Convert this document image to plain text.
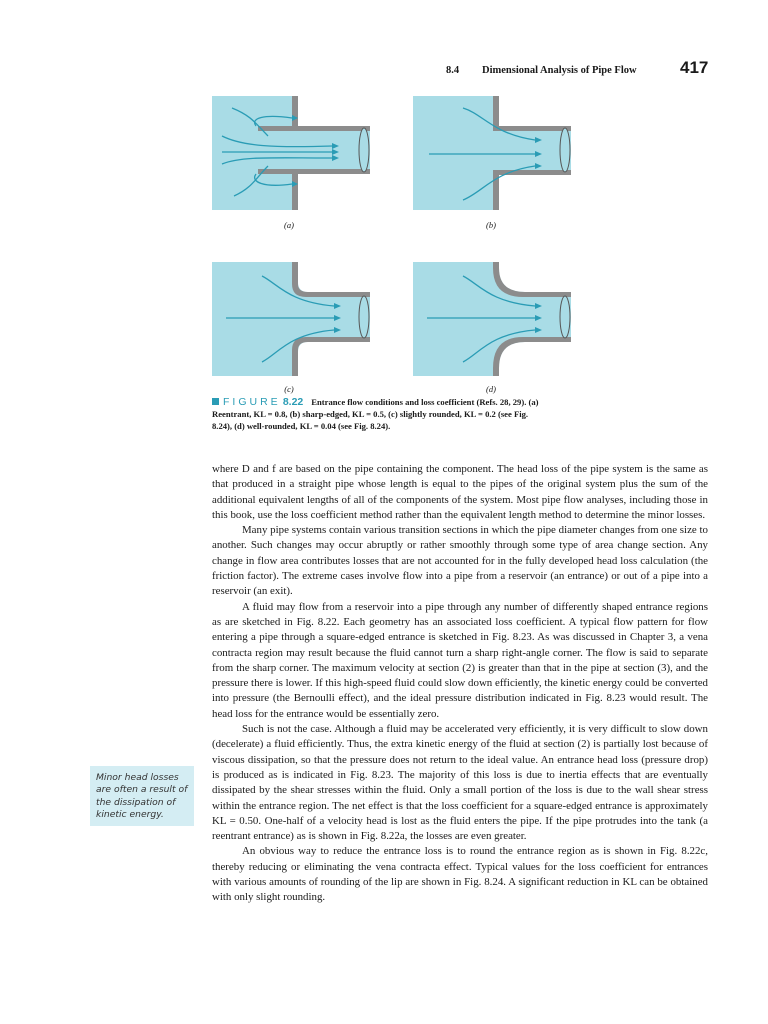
8.4 Dimensional Analysis of Pipe Flow	417
(a)	(b)
(c)	(d)
FIGURE 8.22 Entrance flow conditions and loss coefficient (Refs. 28, 29). (a) Reentrant, KL = 0.8, (b) sharp-edged, KL = 0.5, (c) slightly rounded, KL = 0.2 (see Fig. 8.24), (d) well-rounded, KL = 0.04 (see Fig. 8.24).

where D and f are based on the pipe containing the component. The head loss of the pipe system is the same as that produced in a straight pipe whose length is equal to the pipes of the original system plus the sum of the additional equivalent lengths of all of the components of the system. Most pipe flow analyses, including those in this book, use the loss coefficient method rather than the equivalent length method to determine the minor losses.

Many pipe systems contain various transition sections in which the pipe diameter changes from one size to another. Such changes may occur abruptly or rather smoothly through some type of area change section. Any change in flow area contributes losses that are not accounted for in the fully developed head loss calculation (the friction factor). The extreme cases involve flow into a pipe from a reservoir (an entrance) or out of a pipe into a reservoir (an exit).

A fluid may flow from a reservoir into a pipe through any number of differently shaped entrance regions as are sketched in Fig. 8.22. Each geometry has an associated loss coefficient. A typical flow pattern for flow entering a pipe through a square-edged entrance is sketched in Fig. 8.23. As was discussed in Chapter 3, a vena contracta region may result because the fluid cannot turn a sharp right-angle corner. The flow is said to separate from the sharp corner. The maximum velocity at section (2) is greater than that in the pipe at section (3), and the pressure there is lower. If this high-speed fluid could slow down efficiently, the kinetic energy could be converted into pressure (the Bernoulli effect), and the ideal pressure distribution indicated in Fig. 8.23 would result. The head loss for the entrance would be essentially zero.

Such is not the case. Although a fluid may be accelerated very efficiently, it is very difficult to slow down (decelerate) a fluid efficiently. Thus, the extra kinetic energy of the fluid at section (2) is partially lost because of viscous dissipation, so that the pressure does not return to the ideal value. An entrance head loss (pressure drop) is produced as is indicated in Fig. 8.23. The majority of this loss is due to inertia effects that are eventually dissipated by the shear stresses within the fluid. Only a small portion of the loss is due to the wall shear stress within the entrance region. The net effect is that the loss coefficient for a square-edged entrance is approximately KL = 0.50. One-half of a velocity head is lost as the fluid enters the pipe. If the pipe protrudes into the tank (a reentrant entrance) as is shown in Fig. 8.22a, the losses are even greater.

An obvious way to reduce the entrance loss is to round the entrance region as is shown in Fig. 8.22c, thereby reducing or eliminating the vena contracta effect. Typical values for the loss coefficient for entrances with various amounts of rounding of the lip are shown in Fig. 8.24. A significant reduction in KL can be obtained with only slight rounding.

Minor head losses are often a result of the dissipation of kinetic energy.
